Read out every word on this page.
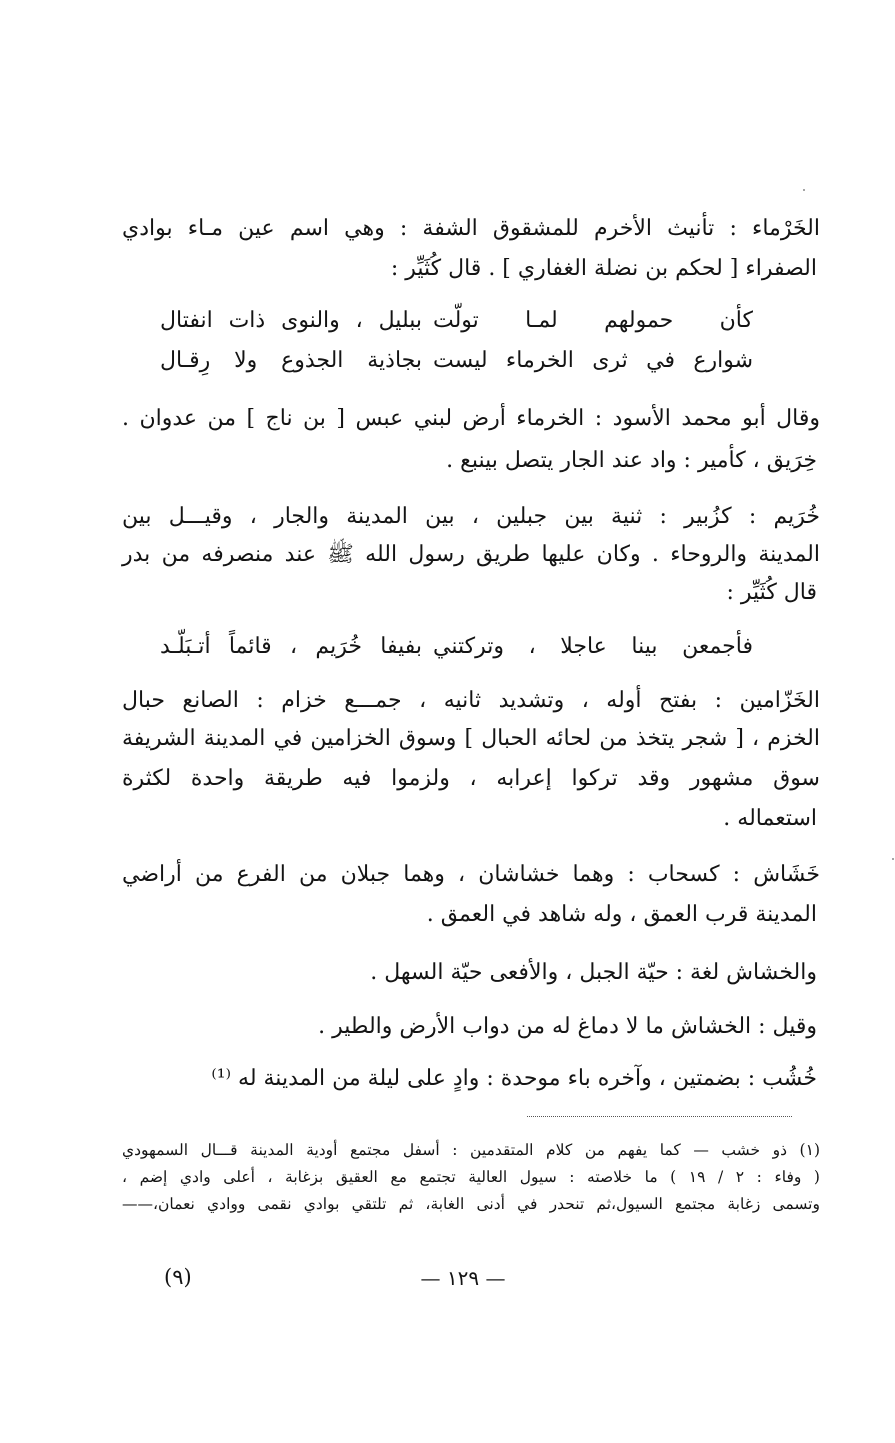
الخَرْماء : تأنيث الأخرم للمشقوق الشفة : وهي اسم عين مـاء بوادي
الصفراء [ لحكم بن نضلة الغفاري ] . قال كُثَيِّر :
كأن حمولهم لمـا تولّت
ببليل ، والنوى ذات انفتال
شوارع في ثرى الخرماء ليست
بجاذية الجذوع ولا رِقـال
وقال أبو محمد الأسود : الخرماء أرض لبني عبس [ بن ناج ] من عدوان .
خِرَيق ، كأمير : واد عند الجار يتصل بينبع .
خُرَيم : كزُبير : ثنية بين جبلين ، بين المدينة والجار ، وقيـــل بين
المدينة والروحاء . وكان عليها طريق رسول الله ﷺ عند منصرفه من بدر
قال كُثَيِّر :
فأجمعن بينا عاجلا ، وتركتني
بفيفا خُرَيم ، قائماً أتـبَلّـد
الخَزّامين : بفتح أوله ، وتشديد ثانيه ، جمـــع خزام : الصانع حبال
الخزم ، [ شجر يتخذ من لحائه الحبال ] وسوق الخزامين في المدينة الشريفة
سوق مشهور وقد تركوا إعرابه ، ولزموا فيه طريقة واحدة لكثرة
استعماله .
خَشَاش : كسحاب : وهما خشاشان ، وهما جبلان من الفرع من أراضي
المدينة قرب العمق ، وله شاهد في العمق .
والخشاش لغة : حيّة الجبل ، والأفعى حيّة السهل .
وقيل : الخشاش ما لا دماغ له من دواب الأرض والطير .
خُشُب : بضمتين ، وآخره باء موحدة : وادٍ على ليلة من المدينة له ⁽¹⁾
(١) ذو خشب — كما يفهم من كلام المتقدمين : أسفل مجتمع أودية المدينة قـــال السمهودي
( وفاء : ٢ / ١٩ ) ما خلاصته : سيول العالية تجتمع مع العقيق بزغابة ، أعلى وادي إضم ،
وتسمى زغابة مجتمع السيول،ثم تنحدر في أدنى الغابة، ثم تلتقي بوادي نقمى ووادي نعمان،——
(٩)	— ١٢٩ —
